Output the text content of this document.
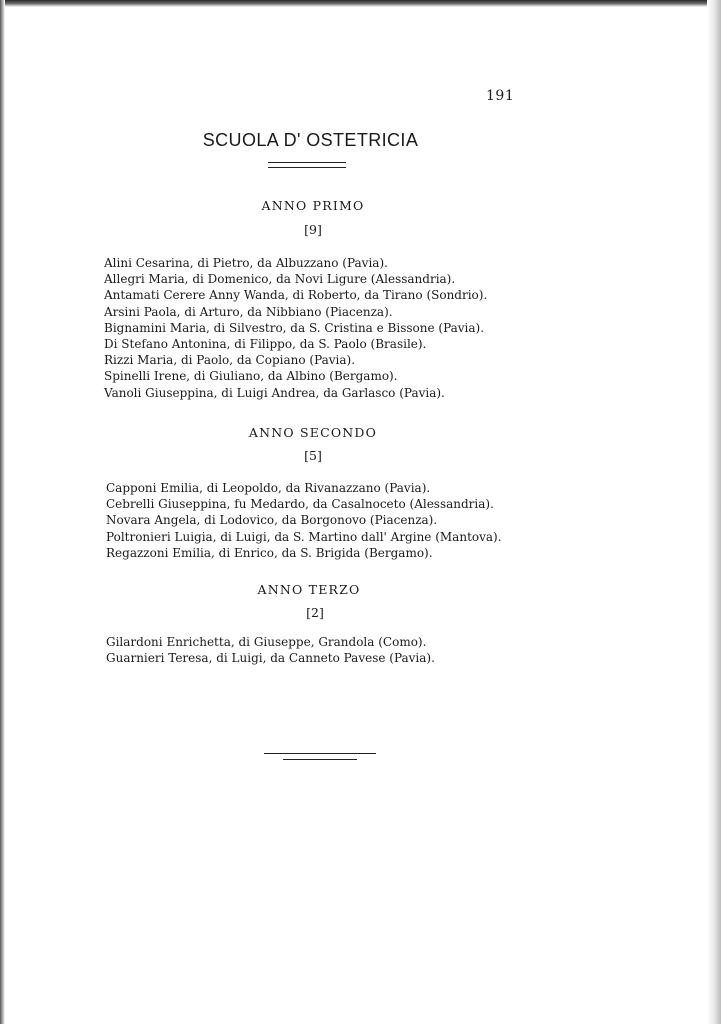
191
SCUOLA D' OSTETRICIA
ANNO PRIMO
[9]
Alini Cesarina, di Pietro, da Albuzzano (Pavia).
Allegri Maria, di Domenico, da Novi Ligure (Alessandria).
Antamati Cerere Anny Wanda, di Roberto, da Tirano (Sondrio).
Arsini Paola, di Arturo, da Nibbiano (Piacenza).
Bignamini Maria, di Silvestro, da S. Cristina e Bissone (Pavia).
Di Stefano Antonina, di Filippo, da S. Paolo (Brasile).
Rizzi Maria, di Paolo, da Copiano (Pavia).
Spinelli Irene, di Giuliano, da Albino (Bergamo).
Vanoli Giuseppina, di Luigi Andrea, da Garlasco (Pavia).
ANNO SECONDO
[5]
Capponi Emilia, di Leopoldo, da Rivanazzano (Pavia).
Cebrelli Giuseppina, fu Medardo, da Casalnoceto (Alessandria).
Novara Angela, di Lodovico, da Borgonovo (Piacenza).
Poltronieri Luigia, di Luigi, da S. Martino dall' Argine (Mantova).
Regazzoni Emilia, di Enrico, da S. Brigida (Bergamo).
ANNO TERZO
[2]
Gilardoni Enrichetta, di Giuseppe, Grandola (Como).
Guarnieri Teresa, di Luigi, da Canneto Pavese (Pavia).
